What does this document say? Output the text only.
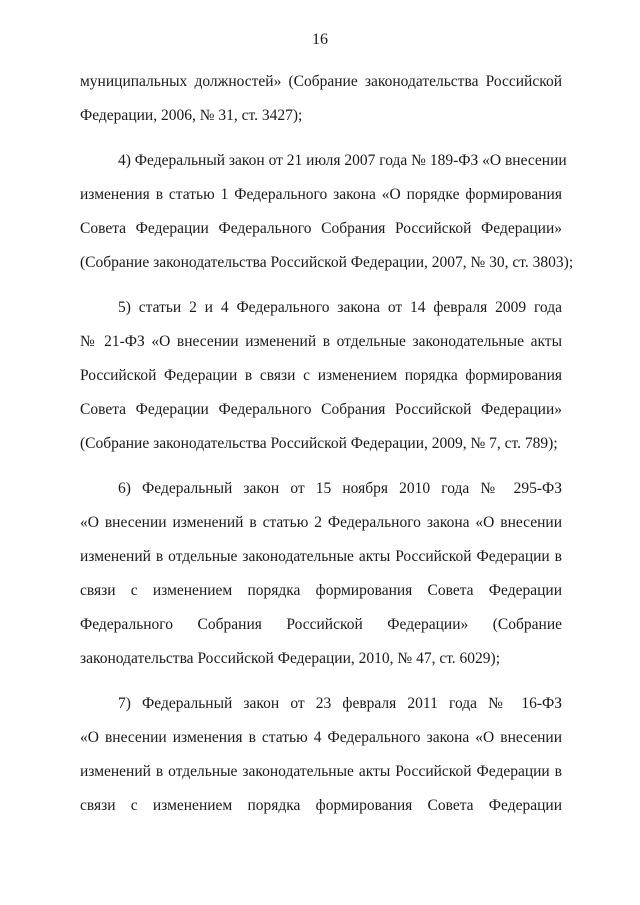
16
муниципальных должностей» (Собрание законодательства Российской
Федерации, 2006, № 31, ст. 3427);
4) Федеральный закон от 21 июля 2007 года № 189-ФЗ «О внесении
изменения в статью 1 Федерального закона «О порядке формирования
Совета Федерации Федерального Собрания Российской Федерации»
(Собрание законодательства Российской Федерации, 2007, № 30, ст. 3803);
5) статьи 2 и 4 Федерального закона от 14 февраля 2009 года
№ 21-ФЗ «О внесении изменений в отдельные законодательные акты
Российской Федерации в связи с изменением порядка формирования
Совета Федерации Федерального Собрания Российской Федерации»
(Собрание законодательства Российской Федерации, 2009, № 7, ст. 789);
6) Федеральный закон от 15 ноября 2010 года № 295-ФЗ
«О внесении изменений в статью 2 Федерального закона «О внесении
изменений в отдельные законодательные акты Российской Федерации в
связи с изменением порядка формирования Совета Федерации
Федерального Собрания Российской Федерации» (Собрание
законодательства Российской Федерации, 2010, № 47, ст. 6029);
7) Федеральный закон от 23 февраля 2011 года № 16-ФЗ
«О внесении изменения в статью 4 Федерального закона «О внесении
изменений в отдельные законодательные акты Российской Федерации в
связи с изменением порядка формирования Совета Федерации
